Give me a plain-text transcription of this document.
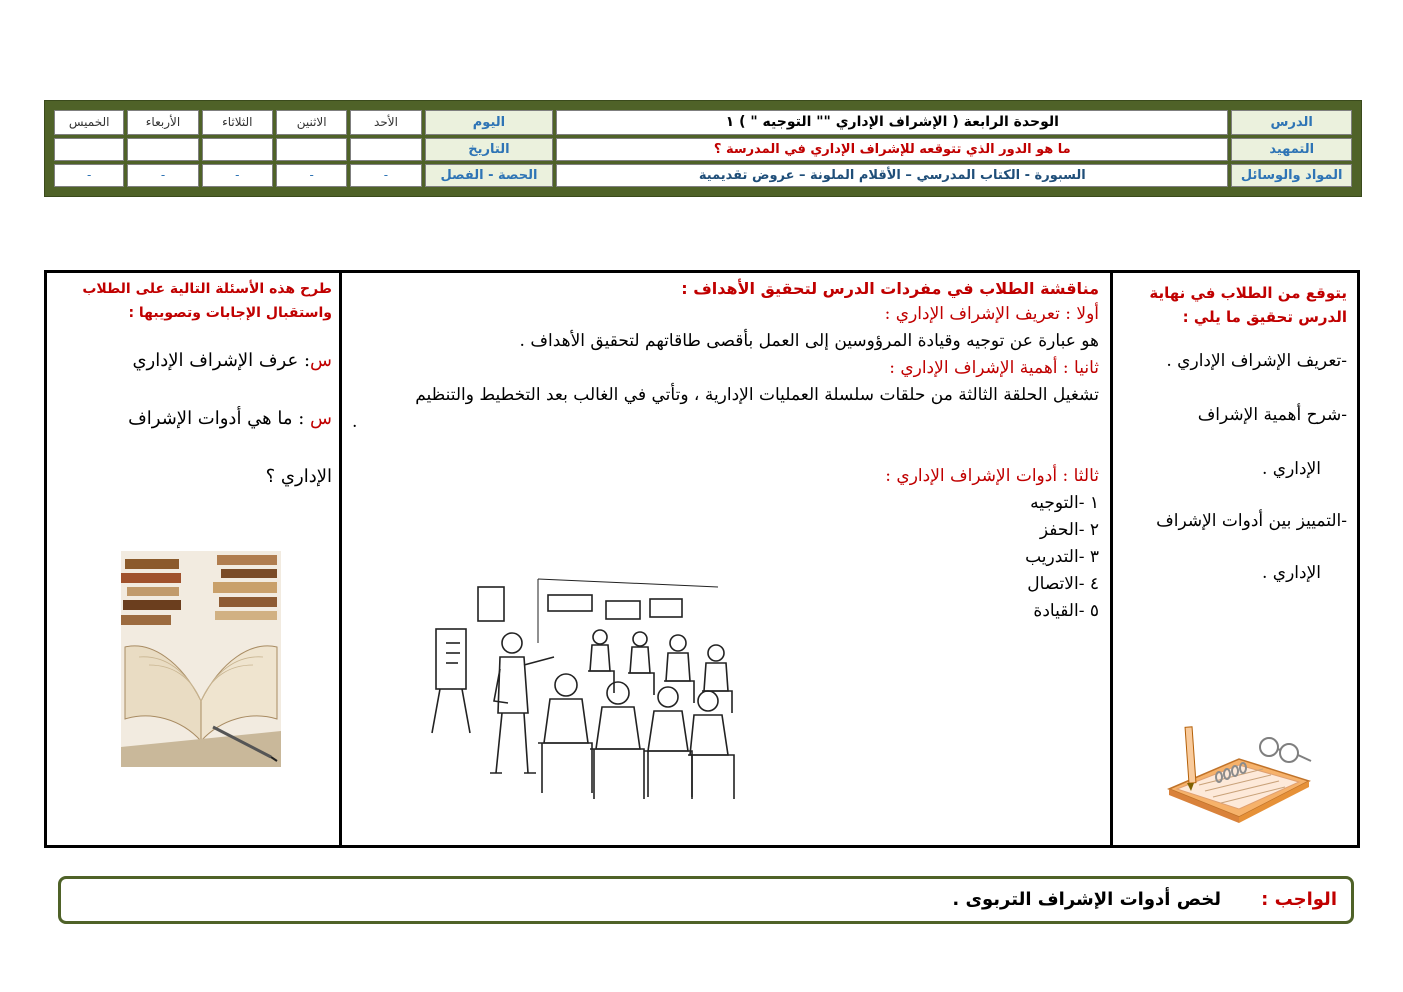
الخميس	الأربعاء	الثلاثاء	الاثنين	الأحد	اليوم	الوحدة الرابعة ( الإشراف الإداري "" التوجيه " ) ١	الدرس
					التاريخ	ما هو الدور الذي تتوقعه للإشراف الإداري في المدرسة ؟	التمهيد
-	-	-	-	-	الحصة - الفصل	السبورة - الكتاب المدرسي – الأقلام الملونة – عروض تقديمية	المواد والوسائل
يتوقع من الطلاب في نهاية
الدرس تحقيق ما يلي :
-تعريف الإشراف الإداري .
-شرح أهمية الإشراف
الإداري .
-التمييز بين أدوات الإشراف
الإداري .
مناقشة الطلاب في مفردات الدرس لتحقيق الأهداف :
أولا : تعريف الإشراف الإداري :
هو عبارة عن توجيه وقيادة المرؤوسين إلى العمل بأقصى طاقاتهم لتحقيق الأهداف .
ثانيا : أهمية الإشراف الإداري :
تشغيل الحلقة الثالثة من حلقات سلسلة العمليات الإدارية ، وتأتي في الغالب بعد التخطيط والتنظيم
.

ثالثا : أدوات الإشراف الإداري :
١ -التوجيه
٢ -الحفز
٣ -التدريب
٤ -الاتصال
٥ -القيادة
طرح هذه الأسئلة التالية على الطلاب
واستقبال الإجابات وتصويبها :
س: عرف الإشراف الإداري
س : ما هي أدوات الإشراف
الإداري ؟
الواجب :
لخص أدوات الإشراف التربوى .
